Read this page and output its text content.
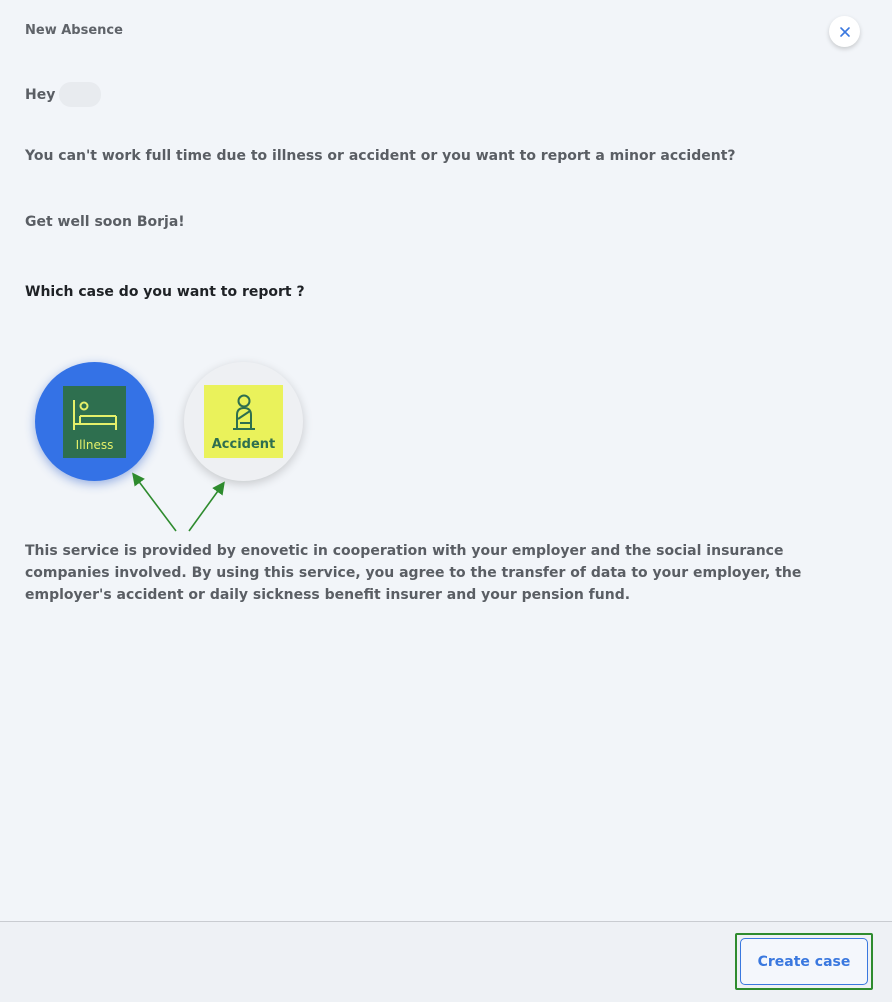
New Absence
Hey
You can't work full time due to illness or accident or you want to report a minor accident?
Get well soon Borja!
Which case do you want to report ?
Illness	Accident
This service is provided by enovetic in cooperation with your employer and the social insurance companies involved. By using this service, you agree to the transfer of data to your employer, the employer's accident or daily sickness benefit insurer and your pension fund.
Create case
